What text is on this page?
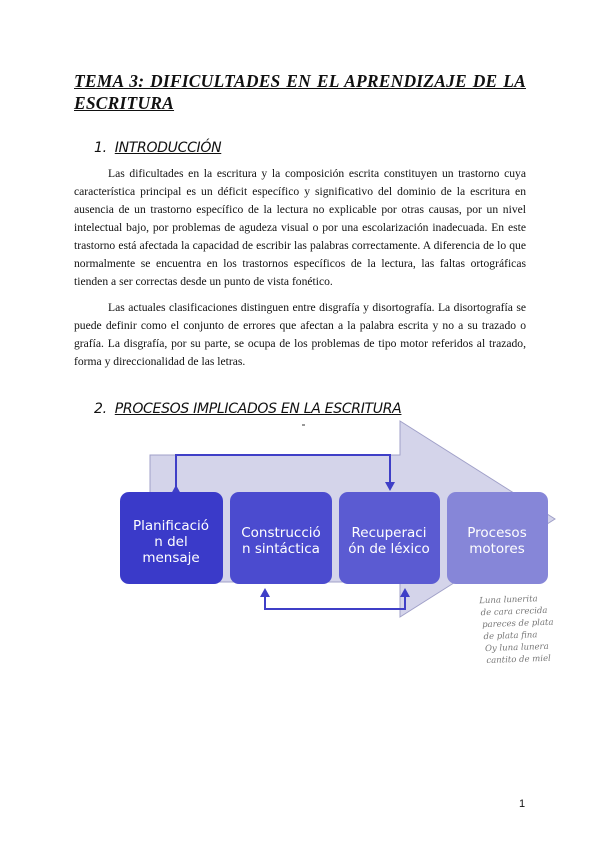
TEMA 3: DIFICULTADES EN EL APRENDIZAJE DE LA
ESCRITURA
1. INTRODUCCIÓN

Las dificultades en la escritura y la composición escrita constituyen un trastorno cuya característica principal es un déficit específico y significativo del dominio de la escritura en ausencia de un trastorno específico de la lectura no explicable por otras causas, por un nivel intelectual bajo, por problemas de agudeza visual o por una escolarización inadecuada. En este trastorno está afectada la capacidad de escribir las palabras correctamente. A diferencia de lo que normalmente se encuentra en los trastornos específicos de la lectura, las faltas ortográficas tienden a ser correctas desde un punto de vista fonético.

Las actuales clasificaciones distinguen entre disgrafía y disortografía. La disortografía se puede definir como el conjunto de errores que afectan a la palabra escrita y no a su trazado o grafía. La disgrafía, por su parte, se ocupa de los problemas de tipo motor referidos al trazado, forma y direccionalidad de las letras.

2. PROCESOS IMPLICADOS EN LA ESCRITURA
Planificació
n del
mensaje
Construcció
n sintáctica
Recuperaci
ón de léxico
Procesos
motores
Luna lunerita
de cara crecida
pareces de plata
de plata fina
Oy luna lunera
cantito de miel
1
